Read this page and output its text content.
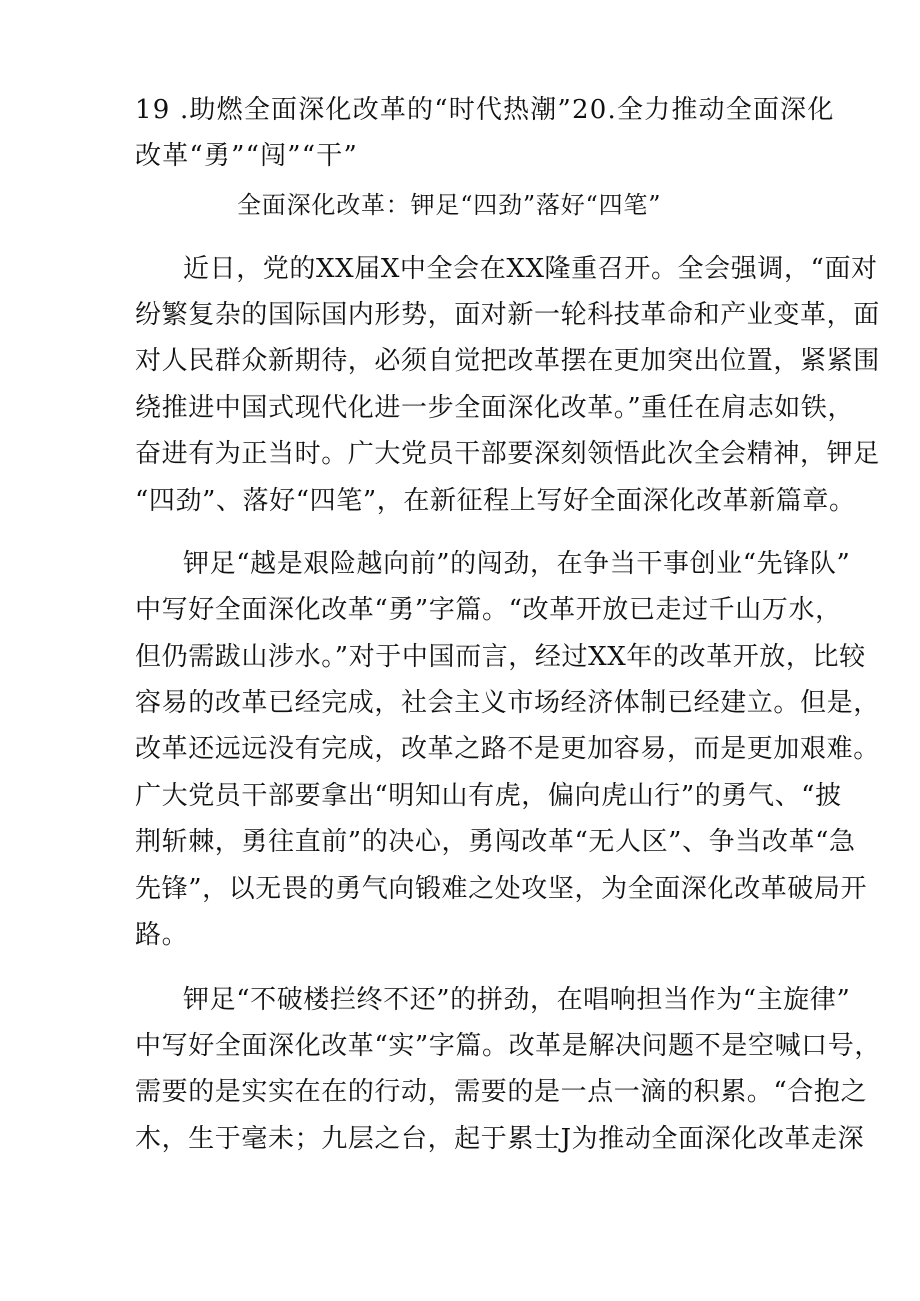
19 .助燃全面深化改革的“时代热潮”20.全力推动全面深化
改革“勇”“闯”“干”
全面深化改革：钾足“四劲”落好“四笔”
近日，党的XX届X中全会在XX隆重召开。全会强调，“面对
纷繁复杂的国际国内形势，面对新一轮科技革命和产业变革，面
对人民群众新期待，必须自觉把改革摆在更加突出位置，紧紧围
绕推进中国式现代化进一步全面深化改革。”重任在肩志如铁，
奋进有为正当时。广大党员干部要深刻领悟此次全会精神，钾足
“四劲”、落好“四笔”，在新征程上写好全面深化改革新篇章。
钾足“越是艰险越向前”的闯劲，在争当干事创业“先锋队”
中写好全面深化改革“勇”字篇。“改革开放已走过千山万水，
但仍需跋山涉水。”对于中国而言，经过XX年的改革开放，比较
容易的改革已经完成，社会主义市场经济体制已经建立。但是，
改革还远远没有完成，改革之路不是更加容易，而是更加艰难。
广大党员干部要拿出“明知山有虎，偏向虎山行”的勇气、“披
荆斩棘，勇往直前”的决心，勇闯改革“无人区”、争当改革“急
先锋”，以无畏的勇气向锻难之处攻坚，为全面深化改革破局开
路。
钾足“不破楼拦终不还”的拼劲，在唱响担当作为“主旋律”
中写好全面深化改革“实”字篇。改革是解决问题不是空喊口号，
需要的是实实在在的行动，需要的是一点一滴的积累。“合抱之
木，生于毫未；九层之台，起于累士J为推动全面深化改革走深
